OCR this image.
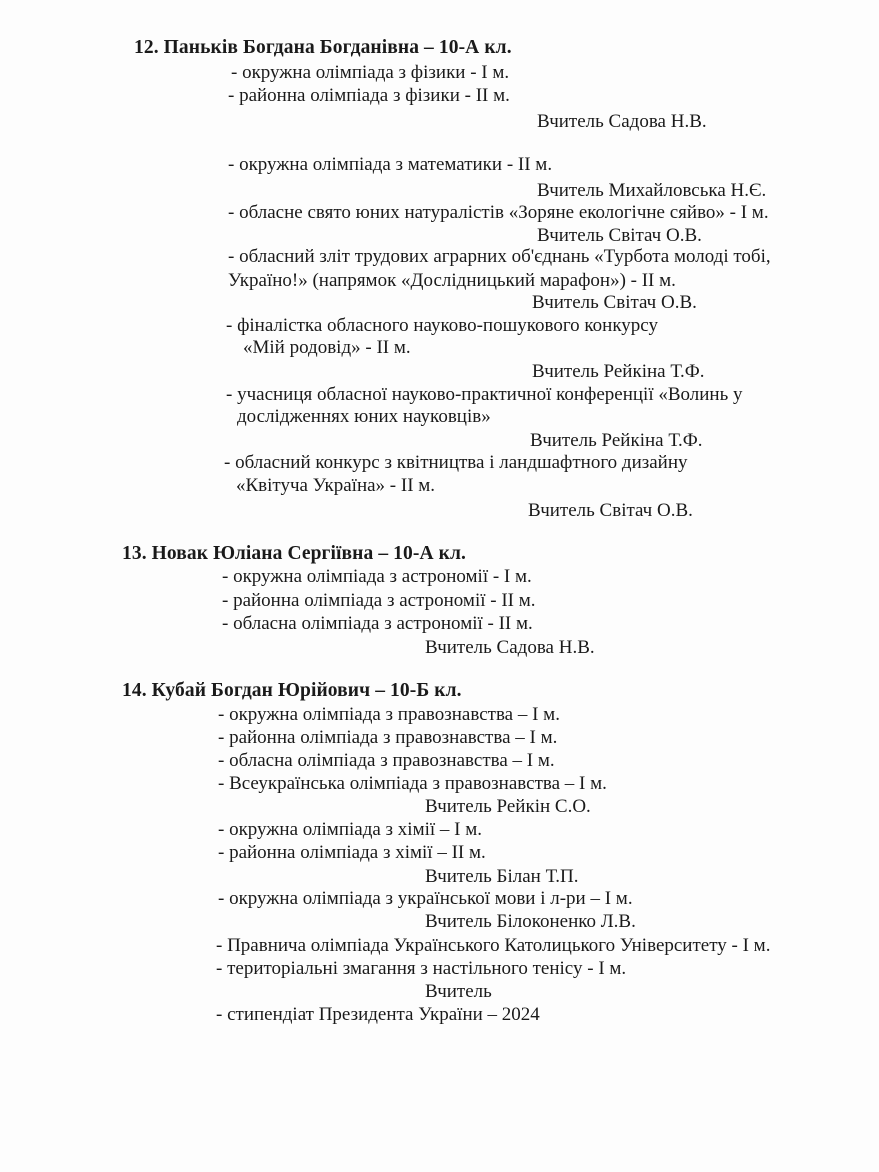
12. Паньків Богдана Богданівна – 10-А кл.
- окружна олімпіада з фізики - І м.
- районна олімпіада з фізики - ІІ м.
Вчитель Садова Н.В.
- окружна олімпіада з математики - ІІ м.
Вчитель Михайловська Н.Є.
- обласне свято юних натуралістів «Зоряне екологічне сяйво» - І м.
Вчитель Світач О.В.
- обласний зліт трудових аграрних об'єднань «Турбота молоді тобі,
Україно!» (напрямок «Дослідницький марафон») - ІІ м.
Вчитель Світач О.В.
- фіналістка обласного науково-пошукового конкурсу
«Мій родовід» - ІІ м.
Вчитель Рейкіна Т.Ф.
- учасниця обласної науково-практичної конференції «Волинь у
дослідженнях юних науковців»
Вчитель Рейкіна Т.Ф.
- обласний конкурс з квітництва і ландшафтного дизайну
«Квітуча Україна» - ІІ м.
Вчитель Світач О.В.
13. Новак Юліана Сергіївна – 10-А кл.
- окружна олімпіада з астрономії - І м.
- районна олімпіада з астрономії - ІІ м.
- обласна олімпіада з астрономії - ІІ м.
Вчитель Садова Н.В.
14. Кубай Богдан Юрійович – 10-Б кл.
- окружна олімпіада з правознавства – І м.
- районна олімпіада з правознавства – І м.
- обласна олімпіада з правознавства – І м.
- Всеукраїнська олімпіада з правознавства – І м.
Вчитель Рейкін С.О.
- окружна олімпіада з хімії – І м.
- районна олімпіада з хімії – ІІ м.
Вчитель Білан Т.П.
- окружна олімпіада з української мови і л-ри – І м.
Вчитель Білоконенко Л.В.
- Правнича олімпіада Українського Католицького Університету - І м.
- територіальні змагання з настільного тенісу - І м.
Вчитель
- стипендіат Президента України – 2024
